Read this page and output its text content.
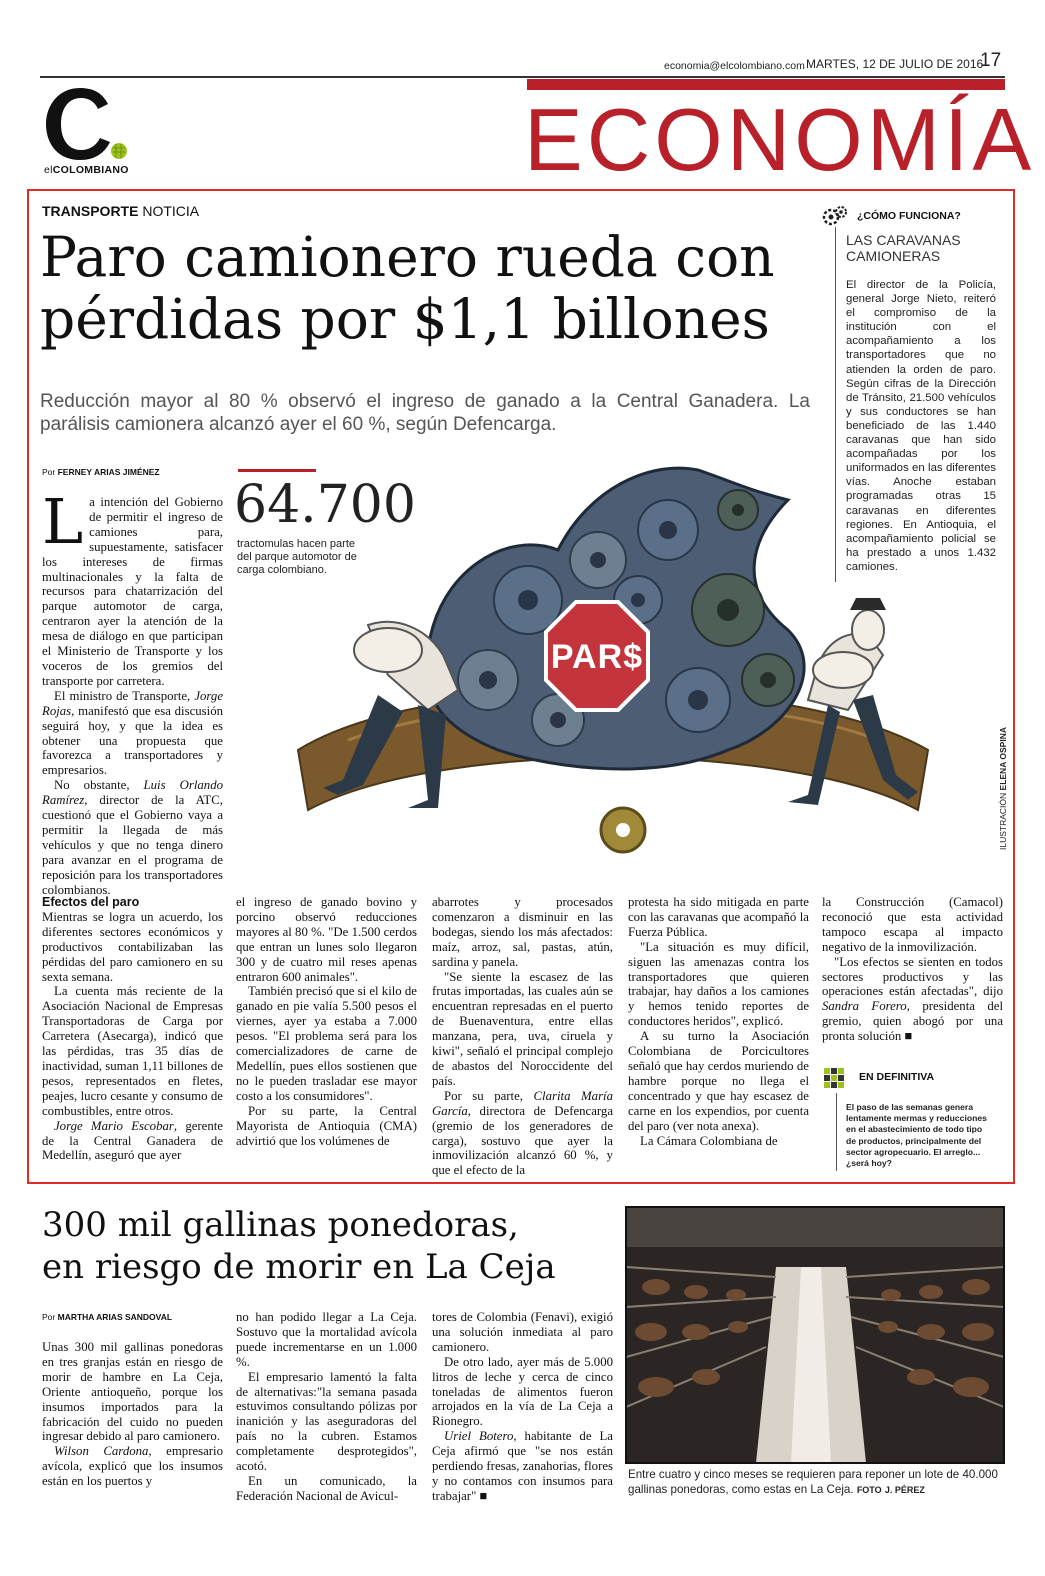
economia@elcolombiano.com MARTES, 12 DE JULIO DE 2016
17
elCOLOMBIANO	ECONOMÍA
TRANSPORTE NOTICIA
Paro camionero rueda con
pérdidas por $1,1 billones
Reducción mayor al 80 % observó el ingreso de ganado a la Central Ganadera. La parálisis camionera alcanzó ayer el 60 %, según Defencarga.
Por FERNEY ARIAS JIMÉNEZ

La intención del Gobierno de permitir el ingreso de camiones para, supuestamente, satisfacer los intereses de firmas multinacionales y la falta de recursos para chatarrización del parque automotor de carga, centraron ayer la atención de la mesa de diálogo en que participan el Ministerio de Transporte y los voceros de los gremios del transporte por carretera.

El ministro de Transporte, Jorge Rojas, manifestó que esa discusión seguirá hoy, y que la idea es obtener una propuesta que favorezca a transportadores y empresarios.

No obstante, Luis Orlando Ramírez, director de la ATC, cuestionó que el Gobierno vaya a permitir la llegada de más vehículos y que no tenga dinero para avanzar en el programa de reposición para los transportadores colombianos.

64.700
tractomulas hacen parte del parque automotor de carga colombiano.
PAR$
ILUSTRACIÓN ELENA OSPINA
¿CÓMO FUNCIONA?
LAS CARAVANAS CAMIONERAS
El director de la Policía, general Jorge Nieto, reiteró el compromiso de la institución con el acompañamiento a los transportadores que no atienden la orden de paro. Según cifras de la Dirección de Tránsito, 21.500 vehículos y sus conductores se han beneficiado de las 1.440 caravanas que han sido acompañadas por los uniformados en las diferentes vías. Anoche estaban programadas otras 15 caravanas en diferentes regiones. En Antioquia, el acompañamiento policial se ha prestado a unos 1.432 camiones.
Efectos del paro

Mientras se logra un acuerdo, los diferentes sectores económicos y productivos contabilizaban las pérdidas del paro camionero en su sexta semana.

La cuenta más reciente de la Asociación Nacional de Empresas Transportadoras de Carga por Carretera (Asecarga), indicó que las pérdidas, tras 35 días de inactividad, suman 1,11 billones de pesos, representados en fletes, peajes, lucro cesante y consumo de combustibles, entre otros.

Jorge Mario Escobar, gerente de la Central Ganadera de Medellín, aseguró que ayer

el ingreso de ganado bovino y porcino observó reducciones mayores al 80 %. "De 1.500 cerdos que entran un lunes solo llegaron 300 y de cuatro mil reses apenas entraron 600 animales".

También precisó que si el kilo de ganado en pie valía 5.500 pesos el viernes, ayer ya estaba a 7.000 pesos. "El problema será para los comercializadores de carne de Medellín, pues ellos sostienen que no le pueden trasladar ese mayor costo a los consumidores".

Por su parte, la Central Mayorista de Antioquia (CMA) advirtió que los volúmenes de

abarrotes y procesados comenzaron a disminuir en las bodegas, siendo los más afectados: maíz, arroz, sal, pastas, atún, sardina y panela.

"Se siente la escasez de las frutas importadas, las cuales aún se encuentran represadas en el puerto de Buenaventura, entre ellas manzana, pera, uva, ciruela y kiwi", señaló el principal complejo de abastos del Noroccidente del país.

Por su parte, Clarita María García, directora de Defencarga (gremio de los generadores de carga), sostuvo que ayer la inmovilización alcanzó 60 %, y que el efecto de la

protesta ha sido mitigada en parte con las caravanas que acompañó la Fuerza Pública.

"La situación es muy difícil, siguen las amenazas contra los transportadores que quieren trabajar, hay daños a los camiones y hemos tenido reportes de conductores heridos", explicó.

A su turno la Asociación Colombiana de Porcicultores señaló que hay cerdos muriendo de hambre porque no llega el concentrado y que hay escasez de carne en los expendios, por cuenta del paro (ver nota anexa).

La Cámara Colombiana de

la Construcción (Camacol) reconoció que esta actividad tampoco escapa al impacto negativo de la inmovilización.

"Los efectos se sienten en todos sectores productivos y las operaciones están afectadas", dijo Sandra Forero, presidenta del gremio, quien abogó por una pronta solución ■

EN DEFINITIVA
El paso de las semanas genera lentamente mermas y reducciones en el abastecimiento de todo tipo de productos, principalmente del sector agropecuario. El arreglo... ¿será hoy?
300 mil gallinas ponedoras,
en riesgo de morir en La Ceja
Por MARTHA ARIAS SANDOVAL

Unas 300 mil gallinas ponedoras en tres granjas están en riesgo de morir de hambre en La Ceja, Oriente antioqueño, porque los insumos importados para la fabricación del cuido no pueden ingresar debido al paro camionero.

Wilson Cardona, empresario avícola, explicó que los insumos están en los puertos y

no han podido llegar a La Ceja. Sostuvo que la mortalidad avícola puede incrementarse en un 1.000 %.

El empresario lamentó la falta de alternativas:"la semana pasada estuvimos consultando pólizas por inanición y las aseguradoras del país no la cubren. Estamos completamente desprotegidos", acotó.

En un comunicado, la Federación Nacional de Avicul-

tores de Colombia (Fenavi), exigió una solución inmediata al paro camionero.

De otro lado, ayer más de 5.000 litros de leche y cerca de cinco toneladas de alimentos fueron arrojados en la vía de La Ceja a Rionegro.

Uriel Botero, habitante de La Ceja afirmó que "se nos están perdiendo fresas, zanahorias, flores y no contamos con insumos para trabajar" ■

Entre cuatro y cinco meses se requieren para reponer un lote de 40.000 gallinas ponedoras, como estas en La Ceja. FOTO J. PÉREZ
